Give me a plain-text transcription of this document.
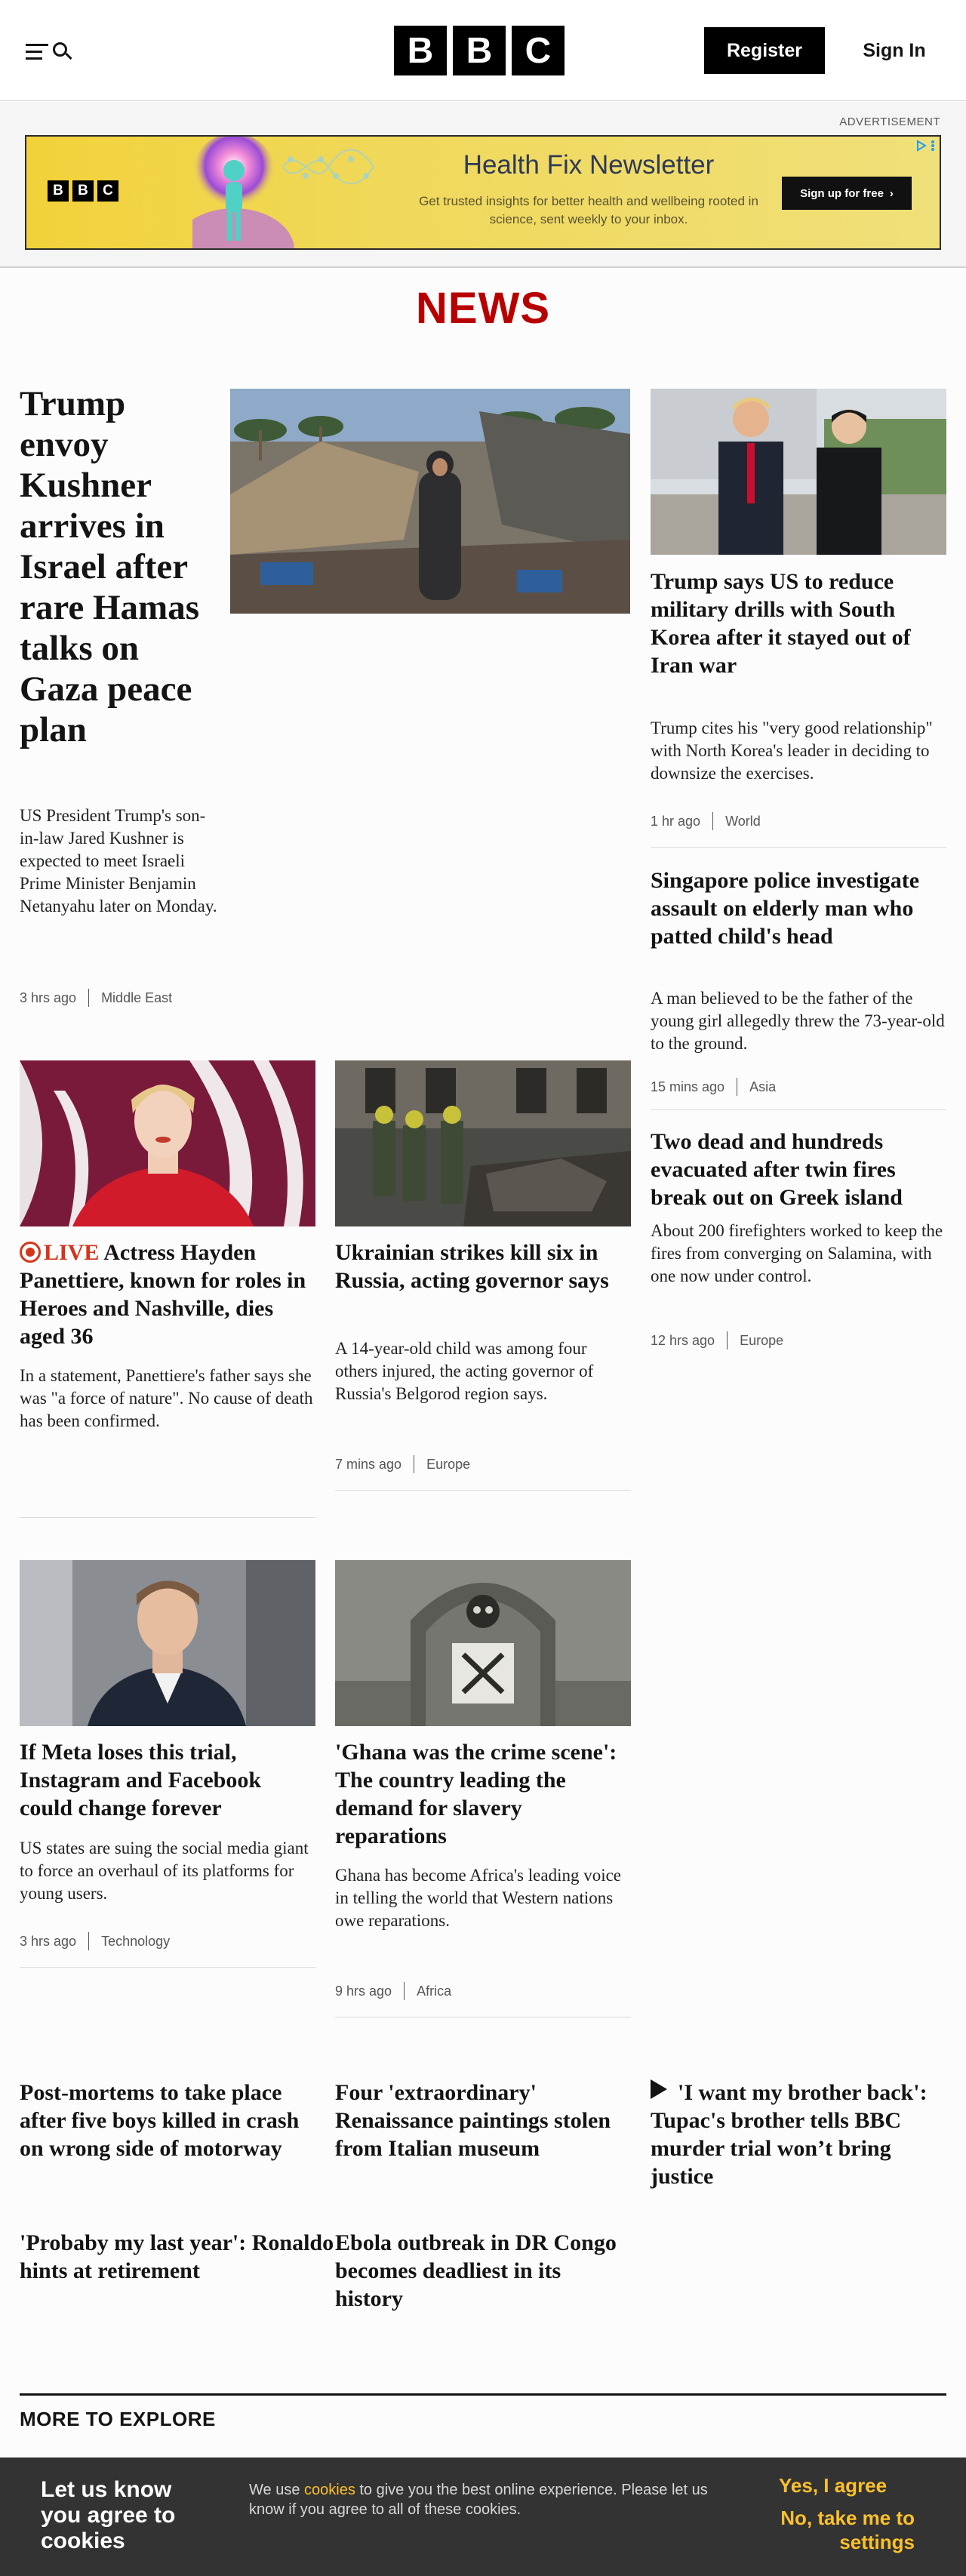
B B C	Register	Sign In
ADVERTISEMENT
B	B	C
Health Fix Newsletter
Get trusted insights for better health and wellbeing rooted in science, sent weekly to your inbox.
Sign up for free ›
NEWS
Trump envoy Kushner arrives in Israel after rare Hamas talks on Gaza peace plan

US President Trump's son-in-law Jared Kushner is expected to meet Israeli Prime Minister Benjamin Netanyahu later on Monday.

3 hrs ago Middle East
Trump says US to reduce military drills with South Korea after it stayed out of Iran war

Trump cites his "very good relationship" with North Korea's leader in deciding to downsize the exercises.

1 hr ago World
Singapore police investigate assault on elderly man who patted child's head

A man believed to be the father of the young girl allegedly threw the 73-year-old to the ground.

15 mins ago Asia
Two dead and hundreds evacuated after twin fires break out on Greek island

About 200 firefighters worked to keep the fires from converging on Salamina, with one now under control.

12 hrs ago Europe
LIVE Actress Hayden Panettiere, known for roles in Heroes and Nashville, dies aged 36

In a statement, Panettiere's father says she was "a force of nature". No cause of death has been confirmed.

Ukrainian strikes kill six in Russia, acting governor says

A 14-year-old child was among four others injured, the acting governor of Russia's Belgorod region says.

7 mins ago Europe
If Meta loses this trial, Instagram and Facebook could change forever

US states are suing the social media giant to force an overhaul of its platforms for young users.

3 hrs ago Technology
'Ghana was the crime scene': The country leading the demand for slavery reparations

Ghana has become Africa's leading voice in telling the world that Western nations owe reparations.

9 hrs ago Africa
Post-mortems to take place after five boys killed in crash on wrong side of motorway
Four 'extraordinary' Renaissance paintings stolen from Italian museum
'I want my brother back': Tupac's brother tells BBC murder trial won’t bring justice
'Probaby my last year': Ronaldo hints at retirement
Ebola outbreak in DR Congo becomes deadliest in its history
MORE TO EXPLORE
Let us know you agree to cookies

We use cookies to give you the best online experience. Please let us know if you agree to all of these cookies.

Yes, I agree
No, take me to settings
